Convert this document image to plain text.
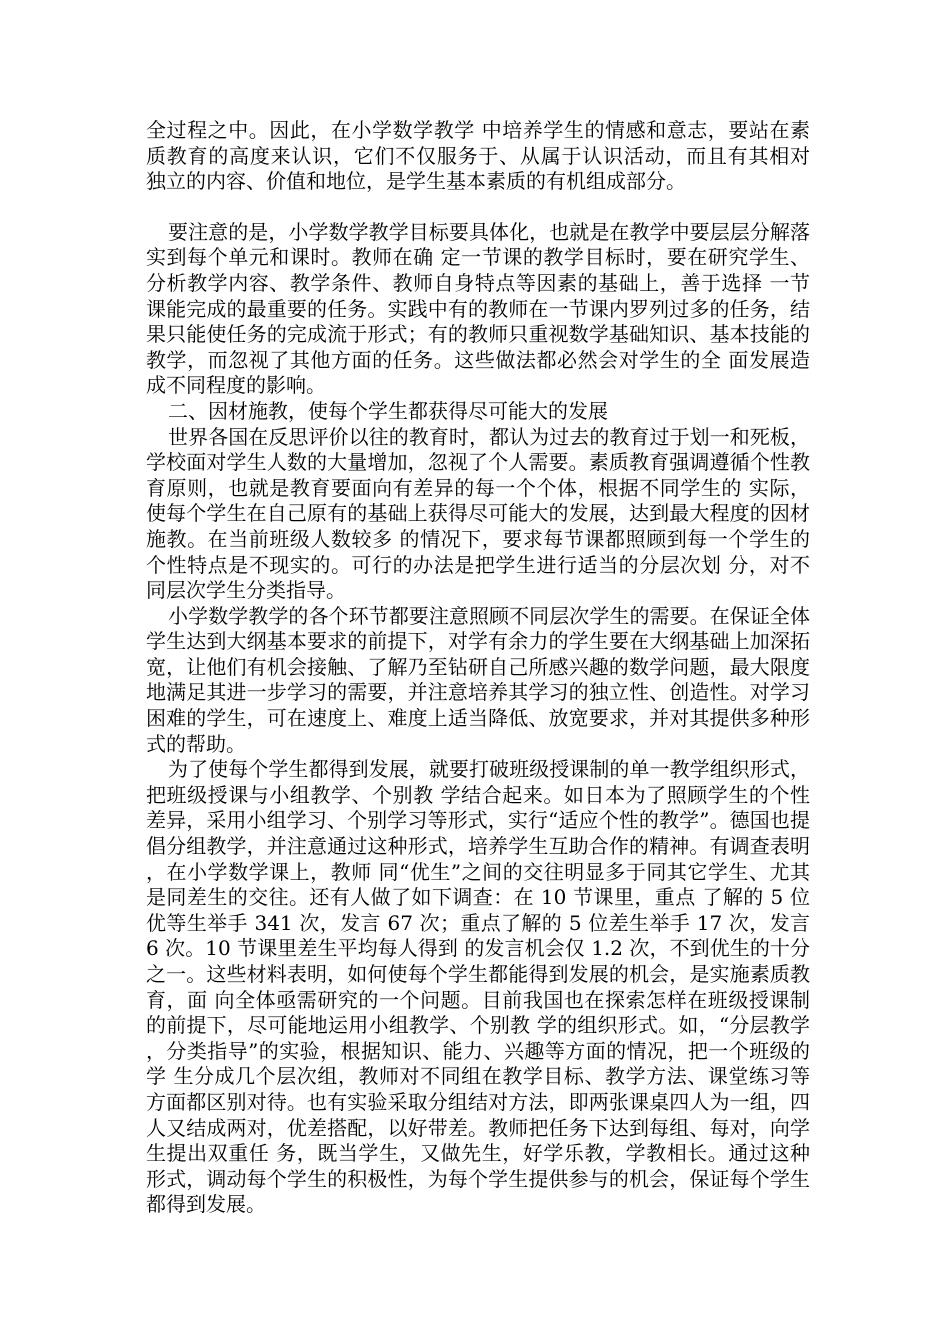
全过程之中。因此，在小学数学教学 中培养学生的情感和意志，要站在素质教育的高度来认识，它们不仅服务于、从属于认识活动，而且有其相对 独立的内容、价值和地位，是学生基本素质的有机组成部分。

要注意的是，小学数学教学目标要具体化，也就是在教学中要层层分解落实到每个单元和课时。教师在确 定一节课的教学目标时，要在研究学生、分析教学内容、教学条件、教师自身特点等因素的基础上，善于选择 一节课能完成的最重要的任务。实践中有的教师在一节课内罗列过多的任务，结果只能使任务的完成流于形式；有的教师只重视数学基础知识、基本技能的教学，而忽视了其他方面的任务。这些做法都必然会对学生的全 面发展造成不同程度的影响。

二、因材施教，使每个学生都获得尽可能大的发展

世界各国在反思评价以往的教育时，都认为过去的教育过于划一和死板，学校面对学生人数的大量增加，忽视了个人需要。素质教育强调遵循个性教育原则，也就是教育要面向有差异的每一个个体，根据不同学生的 实际，使每个学生在自己原有的基础上获得尽可能大的发展，达到最大程度的因材施教。在当前班级人数较多 的情况下，要求每节课都照顾到每一个学生的个性特点是不现实的。可行的办法是把学生进行适当的分层次划 分，对不同层次学生分类指导。

小学数学教学的各个环节都要注意照顾不同层次学生的需要。在保证全体学生达到大纲基本要求的前提下，对学有余力的学生要在大纲基础上加深拓宽，让他们有机会接触、了解乃至钻研自己所感兴趣的数学问题，最大限度地满足其进一步学习的需要，并注意培养其学习的独立性、创造性。对学习困难的学生，可在速度上、难度上适当降低、放宽要求，并对其提供多种形式的帮助。

为了使每个学生都得到发展，就要打破班级授课制的单一教学组织形式，把班级授课与小组教学、个别教 学结合起来。如日本为了照顾学生的个性差异，采用小组学习、个别学习等形式，实行“适应个性的教学”。德国也提倡分组教学，并注意通过这种形式，培养学生互助合作的精神。有调查表明，在小学数学课上，教师 同“优生”之间的交往明显多于同其它学生、尤其是同差生的交往。还有人做了如下调查：在 10 节课里，重点 了解的 5 位优等生举手 341 次，发言 67 次；重点了解的 5 位差生举手 17 次，发言 6 次。10 节课里差生平均每人得到 的发言机会仅 1.2 次，不到优生的十分之一。这些材料表明，如何使每个学生都能得到发展的机会，是实施素质教育，面 向全体亟需研究的一个问题。目前我国也在探索怎样在班级授课制的前提下，尽可能地运用小组教学、个别教 学的组织形式。如，“分层教学，分类指导”的实验，根据知识、能力、兴趣等方面的情况，把一个班级的学 生分成几个层次组，教师对不同组在教学目标、教学方法、课堂练习等方面都区别对待。也有实验采取分组结对方法，即两张课桌四人为一组，四人又结成两对，优差搭配，以好带差。教师把任务下达到每组、每对，向学生提出双重任 务，既当学生，又做先生，好学乐教，学教相长。通过这种形式，调动每个学生的积极性，为每个学生提供参与的机会，保证每个学生都得到发展。
